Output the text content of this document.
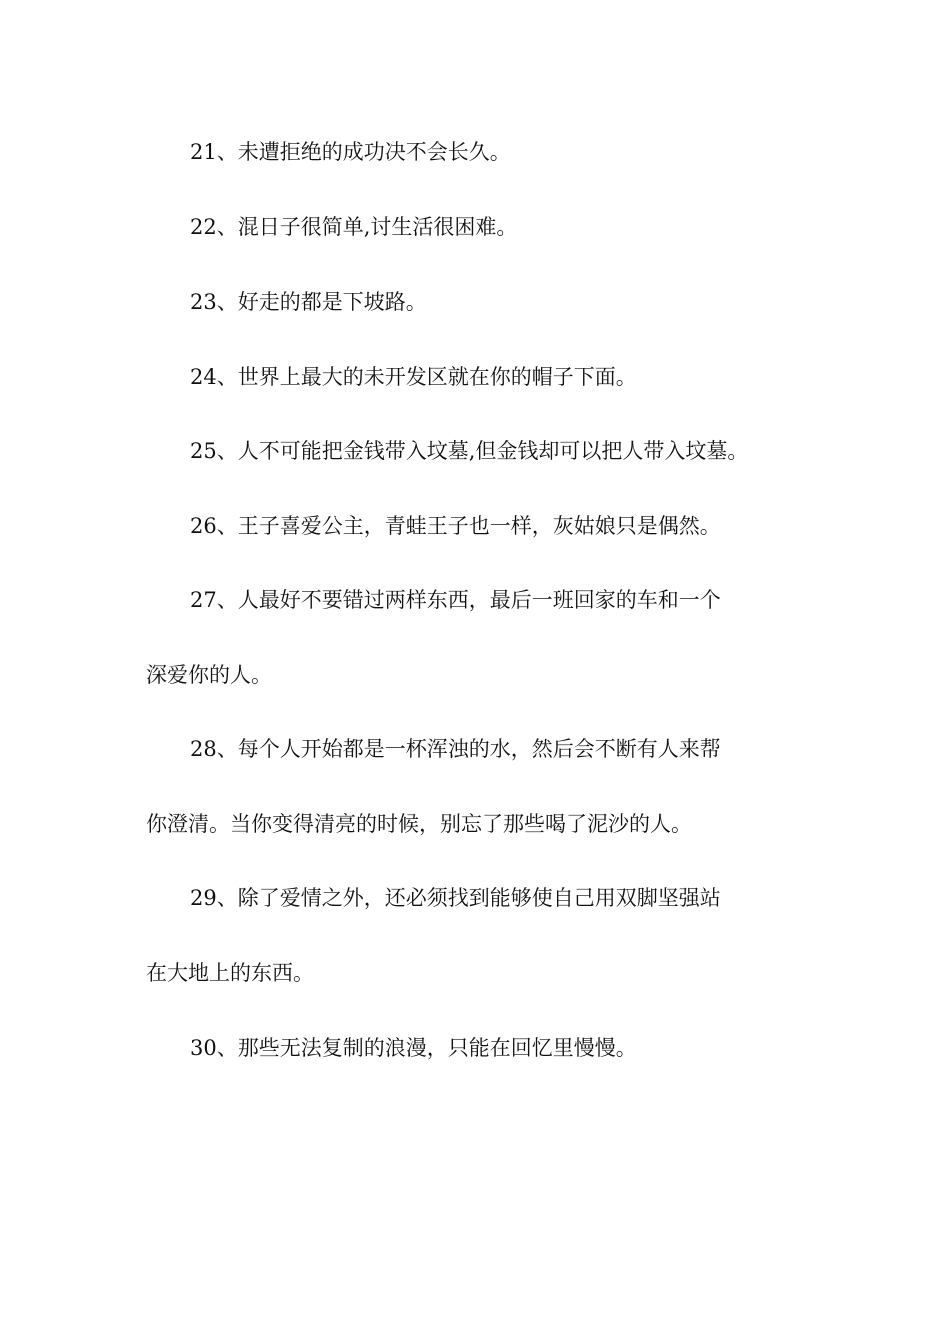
21、未遭拒绝的成功决不会长久。
22、混日子很简单,讨生活很困难。
23、好走的都是下坡路。
24、世界上最大的未开发区就在你的帽子下面。
25、人不可能把金钱带入坟墓,但金钱却可以把人带入坟墓。
26、王子喜爱公主，青蛙王子也一样，灰姑娘只是偶然。
27、人最好不要错过两样东西，最后一班回家的车和一个
深爱你的人。
28、每个人开始都是一杯浑浊的水，然后会不断有人来帮
你澄清。当你变得清亮的时候，别忘了那些喝了泥沙的人。
29、除了爱情之外，还必须找到能够使自己用双脚坚强站
在大地上的东西。
30、那些无法复制的浪漫，只能在回忆里慢慢。
